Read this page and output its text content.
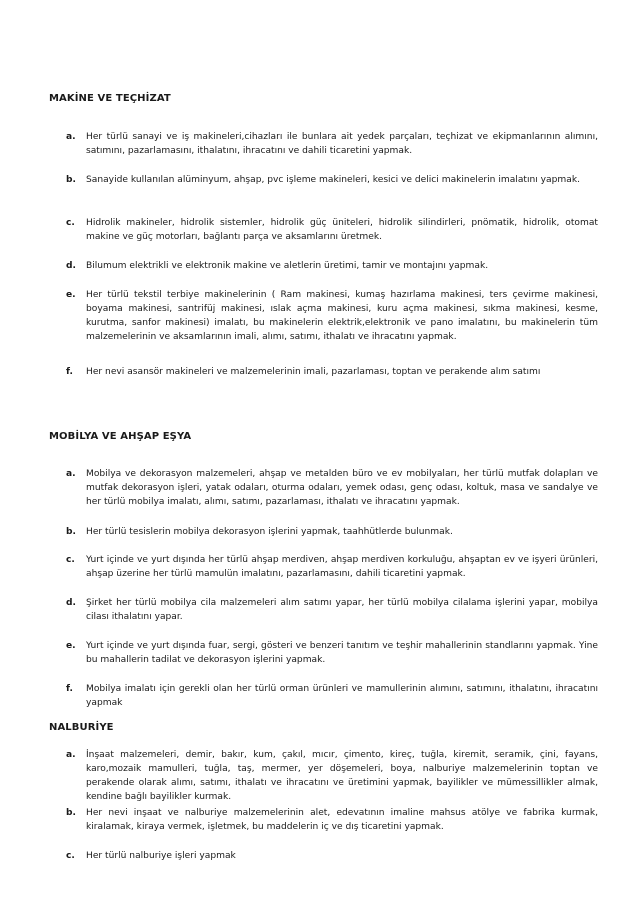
MAKİNE VE TEÇHİZAT
a.	Her türlü sanayi ve iş makineleri,cihazları ile bunlara ait yedek parçaları, teçhizat ve ekipmanlarının alımını, satımını, pazarlamasını, ithalatını, ihracatını ve dahili ticaretini yapmak.
b.	Sanayide kullanılan alüminyum, ahşap, pvc işleme makineleri, kesici ve delici makinelerin imalatını yapmak.
c.	Hidrolik makineler, hidrolik sistemler, hidrolik güç üniteleri, hidrolik silindirleri, pnömatik, hidrolik, otomat makine ve güç motorları, bağlantı parça ve aksamlarını üretmek.
d.	Bilumum elektrikli ve elektronik makine ve aletlerin üretimi, tamir ve montajını yapmak.
e.	Her türlü tekstil terbiye makinelerinin ( Ram makinesi, kumaş hazırlama makinesi, ters çevirme makinesi, boyama makinesi, santrifüj makinesi, ıslak açma makinesi, kuru açma makinesi, sıkma makinesi, kesme, kurutma, sanfor makinesi) imalatı, bu makinelerin elektrik,elektronik ve pano imalatını, bu makinelerin tüm malzemelerinin ve aksamlarının imali, alımı, satımı, ithalatı ve ihracatını yapmak.
f.	Her nevi asansör makineleri ve malzemelerinin imali, pazarlaması, toptan ve perakende alım satımı
MOBİLYA VE AHŞAP EŞYA
a.	Mobilya ve dekorasyon malzemeleri, ahşap ve metalden büro ve ev mobilyaları, her türlü mutfak dolapları ve mutfak dekorasyon işleri, yatak odaları, oturma odaları, yemek odası, genç odası, koltuk, masa ve sandalye ve her türlü mobilya imalatı, alımı, satımı, pazarlaması, ithalatı ve ihracatını yapmak.
b.	Her türlü tesislerin mobilya dekorasyon işlerini yapmak, taahhütlerde bulunmak.
c.	Yurt içinde ve yurt dışında her türlü ahşap merdiven, ahşap merdiven korkuluğu, ahşaptan ev ve işyeri ürünleri, ahşap üzerine her türlü mamulün imalatını, pazarlamasını, dahili ticaretini yapmak.
d.	Şirket her türlü mobilya cila malzemeleri alım satımı yapar, her türlü mobilya cilalama işlerini yapar, mobilya cilası ithalatını yapar.
e.	Yurt içinde ve yurt dışında fuar, sergi, gösteri ve benzeri tanıtım ve teşhir mahallerinin standlarını yapmak. Yine bu mahallerin tadilat ve dekorasyon işlerini yapmak.
f.	Mobilya imalatı için gerekli olan her türlü orman ürünleri ve mamullerinin alımını, satımını, ithalatını, ihracatını yapmak
NALBURİYE
a.	İnşaat malzemeleri, demir, bakır, kum, çakıl, mıcır, çimento, kireç, tuğla, kiremit, seramik, çini, fayans, karo,mozaik mamulleri, tuğla, taş, mermer, yer döşemeleri, boya, nalburiye malzemelerinin toptan ve perakende olarak alımı, satımı, ithalatı ve ihracatını ve üretimini yapmak, bayilikler ve mümessillikler almak, kendine bağlı bayilikler kurmak.
b.	Her nevi inşaat ve nalburiye malzemelerinin alet, edevatının imaline mahsus atölye ve fabrika kurmak, kiralamak, kiraya vermek, işletmek, bu maddelerin iç ve dış ticaretini yapmak.
c.	Her türlü nalburiye işleri yapmak
